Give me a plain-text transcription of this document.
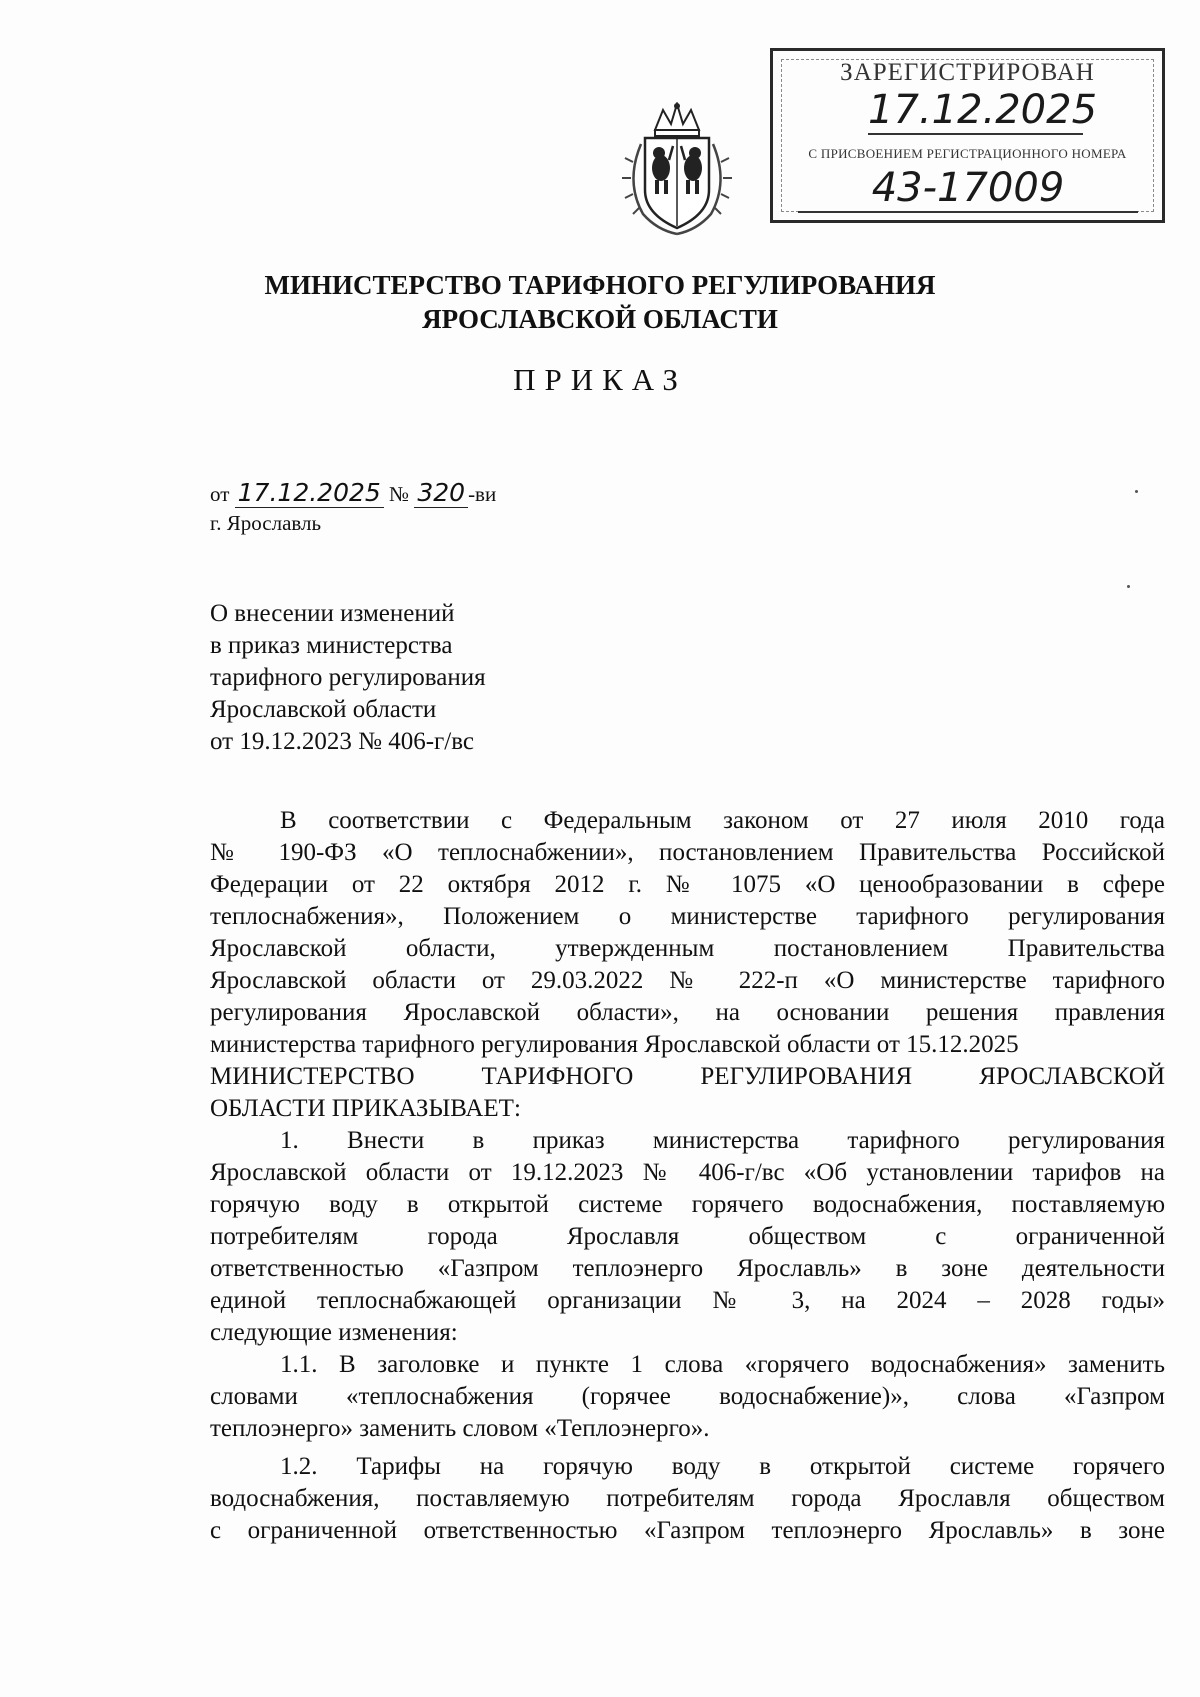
ЗАРЕГИСТРИРОВАН
17.12.2025
С ПРИСВОЕНИЕМ РЕГИСТРАЦИОННОГО НОМЕРА
43-17009
МИНИСТЕРСТВО ТАРИФНОГО РЕГУЛИРОВАНИЯ
ЯРОСЛАВСКОЙ ОБЛАСТИ
ПРИКАЗ
от 17.12.2025 № 320 -ви
г. Ярославль
О внесении изменений
в приказ министерства
тарифного регулирования
Ярославской области
от 19.12.2023 № 406-г/вс
В соответствии с Федеральным законом от 27 июля 2010 года
№ 190-ФЗ «О теплоснабжении», постановлением Правительства Российской
Федерации от 22 октября 2012 г. № 1075 «О ценообразовании в сфере
теплоснабжения», Положением о министерстве тарифного регулирования
Ярославской области, утвержденным постановлением Правительства
Ярославской области от 29.03.2022 № 222-п «О министерстве тарифного
регулирования Ярославской области», на основании решения правления
министерства тарифного регулирования Ярославской области от 15.12.2025
МИНИСТЕРСТВО ТАРИФНОГО РЕГУЛИРОВАНИЯ ЯРОСЛАВСКОЙ
ОБЛАСТИ ПРИКАЗЫВАЕТ:
1. Внести в приказ министерства тарифного регулирования
Ярославской области от 19.12.2023 № 406-г/вс «Об установлении тарифов на
горячую воду в открытой системе горячего водоснабжения, поставляемую
потребителям города Ярославля обществом с ограниченной
ответственностью «Газпром теплоэнерго Ярославль» в зоне деятельности
единой теплоснабжающей организации № 3, на 2024 – 2028 годы»
следующие изменения:
1.1. В заголовке и пункте 1 слова «горячего водоснабжения» заменить
словами «теплоснабжения (горячее водоснабжение)», слова «Газпром
теплоэнерго» заменить словом «Теплоэнерго».
1.2. Тарифы на горячую воду в открытой системе горячего
водоснабжения, поставляемую потребителям города Ярославля обществом
с ограниченной ответственностью «Газпром теплоэнерго Ярославль» в зоне
